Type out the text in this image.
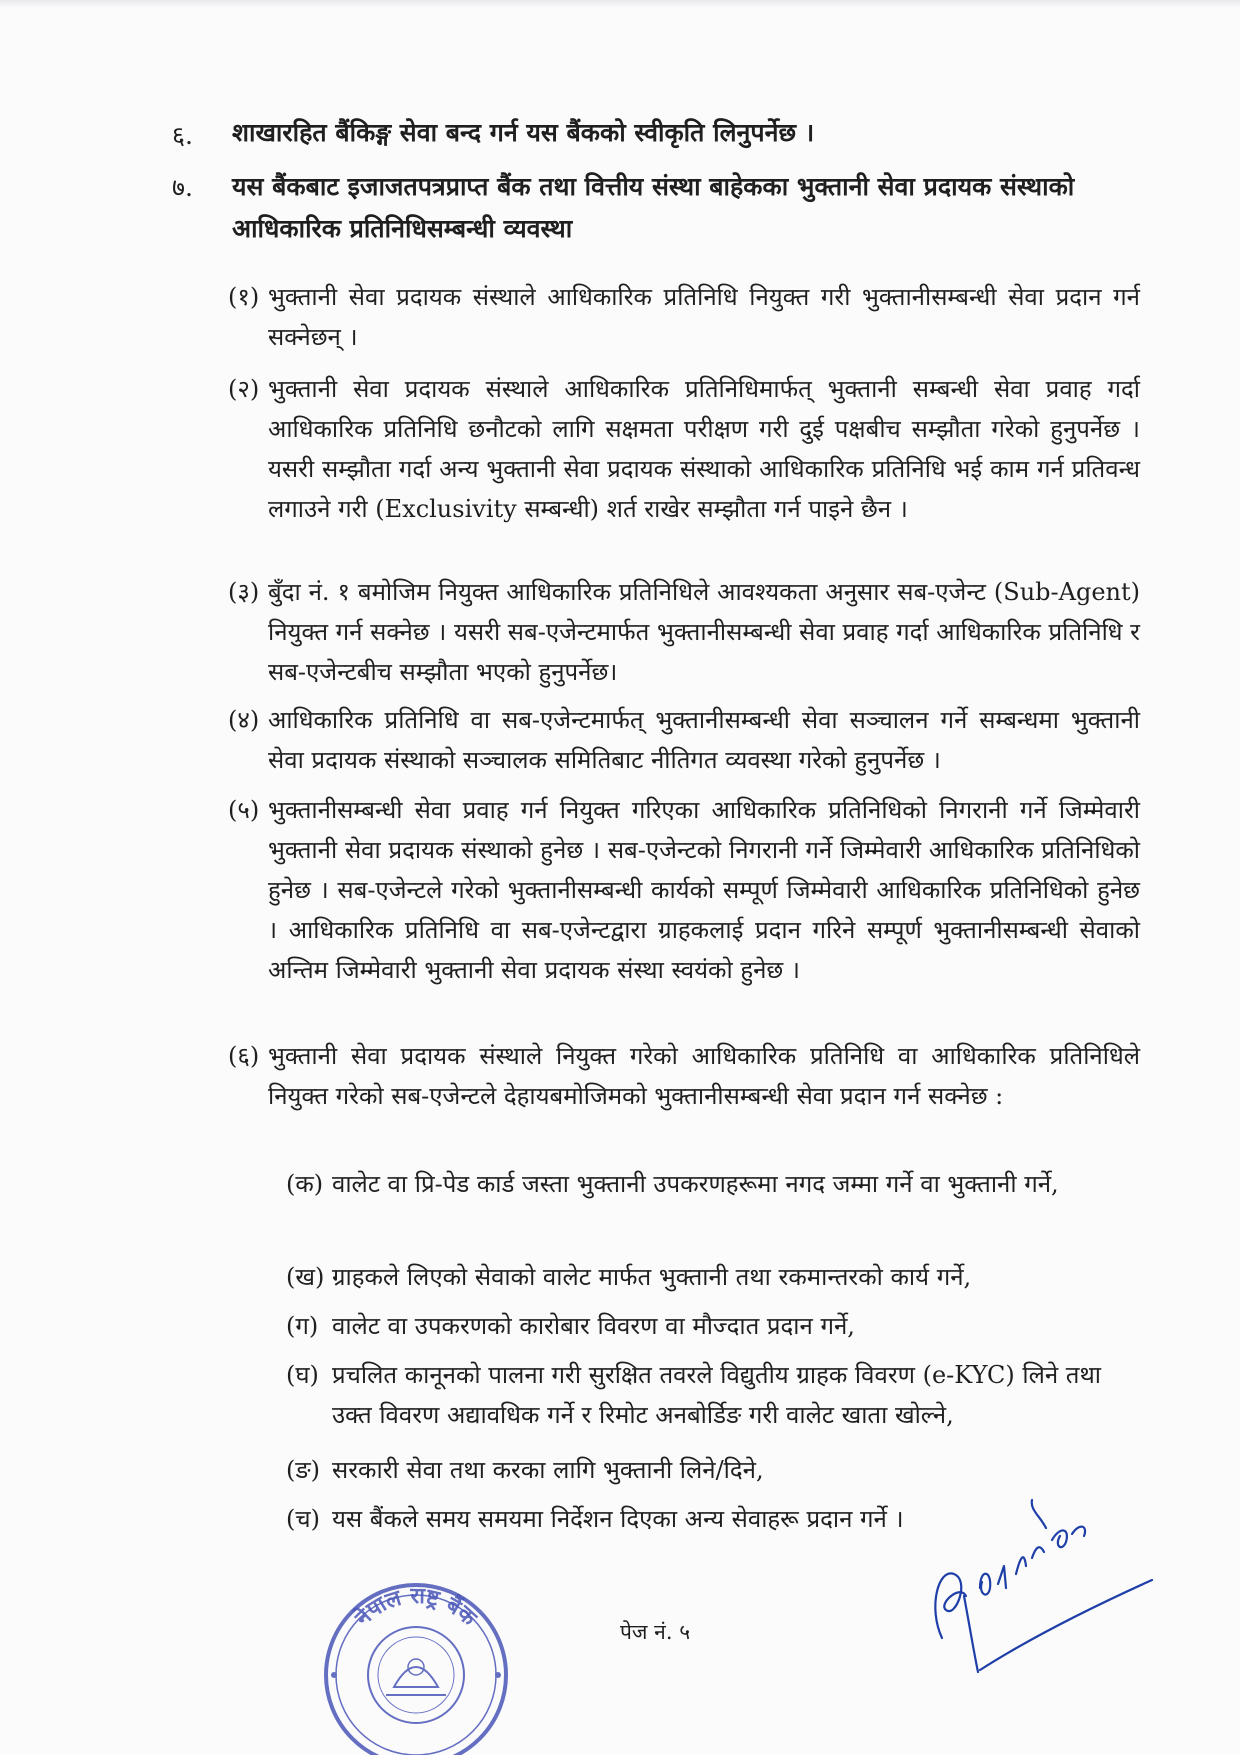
६. शाखारहित बैंकिङ्ग सेवा बन्द गर्न यस बैंकको स्वीकृति लिनुपर्नेछ ।
७. यस बैंकबाट इजाजतपत्रप्राप्त बैंक तथा वित्तीय संस्था बाहेकका भुक्तानी सेवा प्रदायक संस्थाको आधिकारिक प्रतिनिधिसम्बन्धी व्यवस्था
(१) भुक्तानी सेवा प्रदायक संस्थाले आधिकारिक प्रतिनिधि नियुक्त गरी भुक्तानीसम्बन्धी सेवा प्रदान गर्न सक्नेछन् ।
(२) भुक्तानी सेवा प्रदायक संस्थाले आधिकारिक प्रतिनिधिमार्फत् भुक्तानी सम्बन्धी सेवा प्रवाह गर्दा आधिकारिक प्रतिनिधि छनौटको लागि सक्षमता परीक्षण गरी दुई पक्षबीच सम्झौता गरेको हुनुपर्नेछ । यसरी सम्झौता गर्दा अन्य भुक्तानी सेवा प्रदायक संस्थाको आधिकारिक प्रतिनिधि भई काम गर्न प्रतिवन्ध लगाउने गरी (Exclusivity सम्बन्धी) शर्त राखेर सम्झौता गर्न पाइने छैन ।
(३) बुँदा नं. १ बमोजिम नियुक्त आधिकारिक प्रतिनिधिले आवश्यकता अनुसार सब-एजेन्ट (Sub-Agent) नियुक्त गर्न सक्नेछ । यसरी सब-एजेन्टमार्फत भुक्तानीसम्बन्धी सेवा प्रवाह गर्दा आधिकारिक प्रतिनिधि र सब-एजेन्टबीच सम्झौता भएको हुनुपर्नेछ।
(४) आधिकारिक प्रतिनिधि वा सब-एजेन्टमार्फत् भुक्तानीसम्बन्धी सेवा सञ्चालन गर्ने सम्बन्धमा भुक्तानी सेवा प्रदायक संस्थाको सञ्चालक समितिबाट नीतिगत व्यवस्था गरेको हुनुपर्नेछ ।
(५) भुक्तानीसम्बन्धी सेवा प्रवाह गर्न नियुक्त गरिएका आधिकारिक प्रतिनिधिको निगरानी गर्ने जिम्मेवारी भुक्तानी सेवा प्रदायक संस्थाको हुनेछ । सब-एजेन्टको निगरानी गर्ने जिम्मेवारी आधिकारिक प्रतिनिधिको हुनेछ । सब-एजेन्टले गरेको भुक्तानीसम्बन्धी कार्यको सम्पूर्ण जिम्मेवारी आधिकारिक प्रतिनिधिको हुनेछ । आधिकारिक प्रतिनिधि वा सब-एजेन्टद्वारा ग्राहकलाई प्रदान गरिने सम्पूर्ण भुक्तानीसम्बन्धी सेवाको अन्तिम जिम्मेवारी भुक्तानी सेवा प्रदायक संस्था स्वयंको हुनेछ ।
(६) भुक्तानी सेवा प्रदायक संस्थाले नियुक्त गरेको आधिकारिक प्रतिनिधि वा आधिकारिक प्रतिनिधिले नियुक्त गरेको सब-एजेन्टले देहायबमोजिमको भुक्तानीसम्बन्धी सेवा प्रदान गर्न सक्नेछ :
(क) वालेट वा प्रि-पेड कार्ड जस्ता भुक्तानी उपकरणहरूमा नगद जम्मा गर्ने वा भुक्तानी गर्ने,
(ख) ग्राहकले लिएको सेवाको वालेट मार्फत भुक्तानी तथा रकमान्तरको कार्य गर्ने,
(ग) वालेट वा उपकरणको कारोबार विवरण वा मौज्दात प्रदान गर्ने,
(घ) प्रचलित कानूनको पालना गरी सुरक्षित तवरले विद्युतीय ग्राहक विवरण (e-KYC) लिने तथा उक्त विवरण अद्यावधिक गर्ने र रिमोट अनबोर्डिङ गरी वालेट खाता खोल्ने,
(ङ) सरकारी सेवा तथा करका लागि भुक्तानी लिने/दिने,
(च) यस बैंकले समय समयमा निर्देशन दिएका अन्य सेवाहरू प्रदान गर्ने ।
नेपाल राष्ट्र बैंक
पेज नं. ५
